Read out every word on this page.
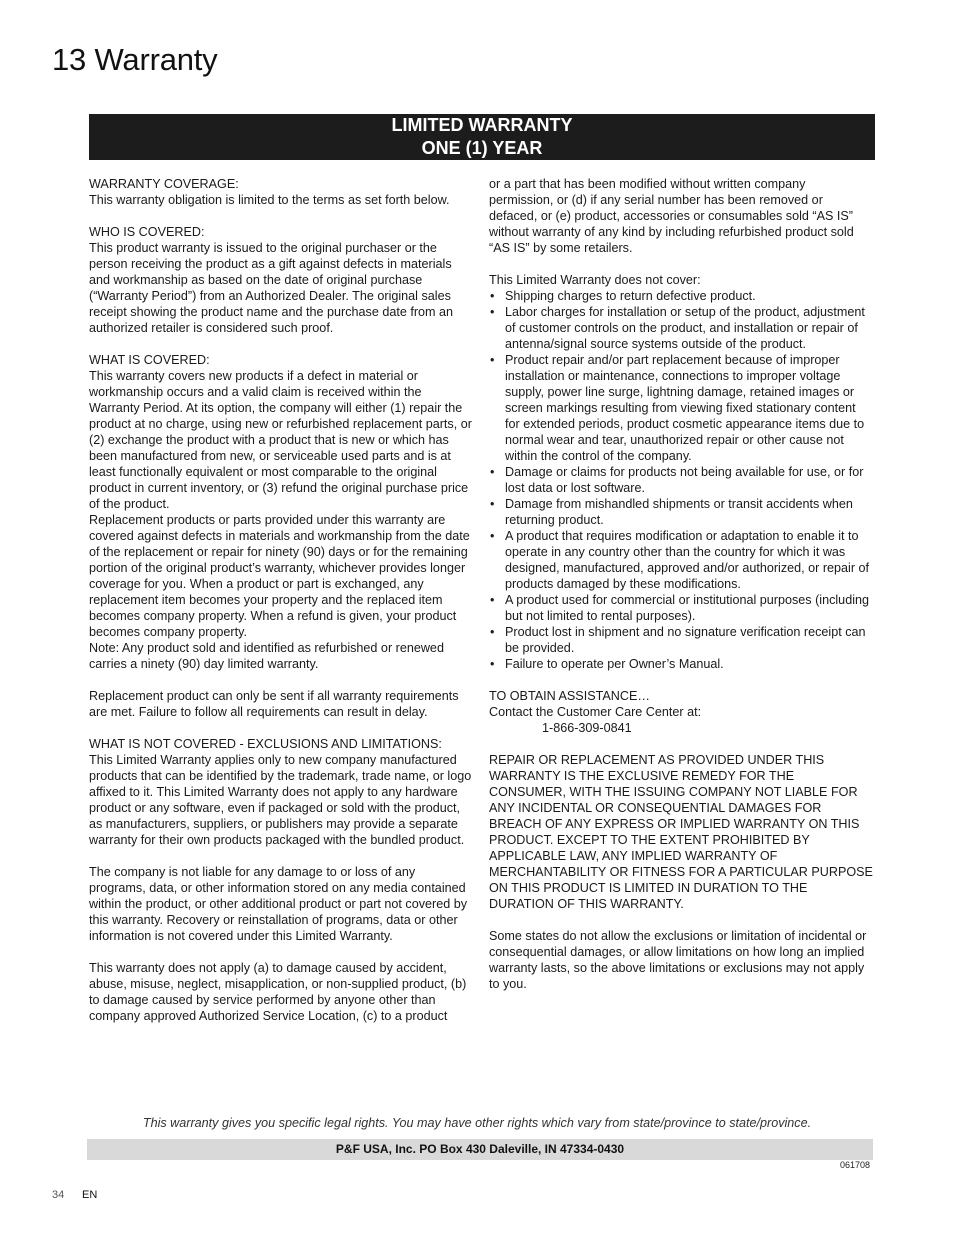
13 Warranty
LIMITED WARRANTY
ONE (1) YEAR

WARRANTY COVERAGE:
This warranty obligation is limited to the terms as set forth below.

WHO IS COVERED:
This product warranty is issued to the original purchaser or the person receiving the product as a gift against defects in materials and workmanship as based on the date of original purchase (“Warranty Period”) from an Authorized Dealer. The original sales receipt showing the product name and the purchase date from an authorized retailer is considered such proof.

WHAT IS COVERED:
This warranty covers new products if a defect in material or workmanship occurs and a valid claim is received within the Warranty Period. At its option, the company will either (1) repair the product at no charge, using new or refurbished replacement parts, or (2) exchange the product with a product that is new or which has been manufactured from new, or serviceable used parts and is at least functionally equivalent or most comparable to the original product in current inventory, or (3) refund the original purchase price of the product.
Replacement products or parts provided under this warranty are covered against defects in materials and workmanship from the date of the replacement or repair for ninety (90) days or for the remaining portion of the original product’s warranty, whichever provides longer coverage for you. When a product or part is exchanged, any replacement item becomes your property and the replaced item becomes company property. When a refund is given, your product becomes company property.
Note: Any product sold and identified as refurbished or renewed carries a ninety (90) day limited warranty.

Replacement product can only be sent if all warranty requirements are met. Failure to follow all requirements can result in delay.

WHAT IS NOT COVERED - EXCLUSIONS AND LIMITATIONS:
This Limited Warranty applies only to new company manufactured products that can be identified by the trademark, trade name, or logo affixed to it. This Limited Warranty does not apply to any hardware product or any software, even if packaged or sold with the product, as manufacturers, suppliers, or publishers may provide a separate warranty for their own products packaged with the bundled product.

The company is not liable for any damage to or loss of any programs, data, or other information stored on any media contained within the product, or other additional product or part not covered by this warranty. Recovery or reinstallation of programs, data or other information is not covered under this Limited Warranty.

This warranty does not apply (a) to damage caused by accident, abuse, misuse, neglect, misapplication, or non-supplied product, (b) to damage caused by service performed by anyone other than company approved Authorized Service Location, (c) to a product

or a part that has been modified without written company permission, or (d) if any serial number has been removed or defaced, or (e) product, accessories or consumables sold “AS IS” without warranty of any kind by including refurbished product sold “AS IS” by some retailers.

This Limited Warranty does not cover:
• Shipping charges to return defective product.
• Labor charges for installation or setup of the product, adjustment of customer controls on the product, and installation or repair of antenna/signal source systems outside of the product.
• Product repair and/or part replacement because of improper installation or maintenance, connections to improper voltage supply, power line surge, lightning damage, retained images or screen markings resulting from viewing fixed stationary content for extended periods, product cosmetic appearance items due to normal wear and tear, unauthorized repair or other cause not within the control of the company.
• Damage or claims for products not being available for use, or for lost data or lost software.
• Damage from mishandled shipments or transit accidents when returning product.
• A product that requires modification or adaptation to enable it to operate in any country other than the country for which it was designed, manufactured, approved and/or authorized, or repair of products damaged by these modifications.
• A product used for commercial or institutional purposes (including but not limited to rental purposes).
• Product lost in shipment and no signature verification receipt can be provided.
• Failure to operate per Owner’s Manual.

TO OBTAIN ASSISTANCE…
Contact the Customer Care Center at:
1-866-309-0841

REPAIR OR REPLACEMENT AS PROVIDED UNDER THIS WARRANTY IS THE EXCLUSIVE REMEDY FOR THE CONSUMER, WITH THE ISSUING COMPANY NOT LIABLE FOR ANY INCIDENTAL OR CONSEQUENTIAL DAMAGES FOR BREACH OF ANY EXPRESS OR IMPLIED WARRANTY ON THIS PRODUCT. EXCEPT TO THE EXTENT PROHIBITED BY APPLICABLE LAW, ANY IMPLIED WARRANTY OF MERCHANTABILITY OR FITNESS FOR A PARTICULAR PURPOSE ON THIS PRODUCT IS LIMITED IN DURATION TO THE DURATION OF THIS WARRANTY.

Some states do not allow the exclusions or limitation of incidental or consequential damages, or allow limitations on how long an implied warranty lasts, so the above limitations or exclusions may not apply to you.

This warranty gives you specific legal rights. You may have other rights which vary from state/province to state/province.
P&F USA, Inc. PO Box 430 Daleville, IN 47334-0430
061708
34 EN
